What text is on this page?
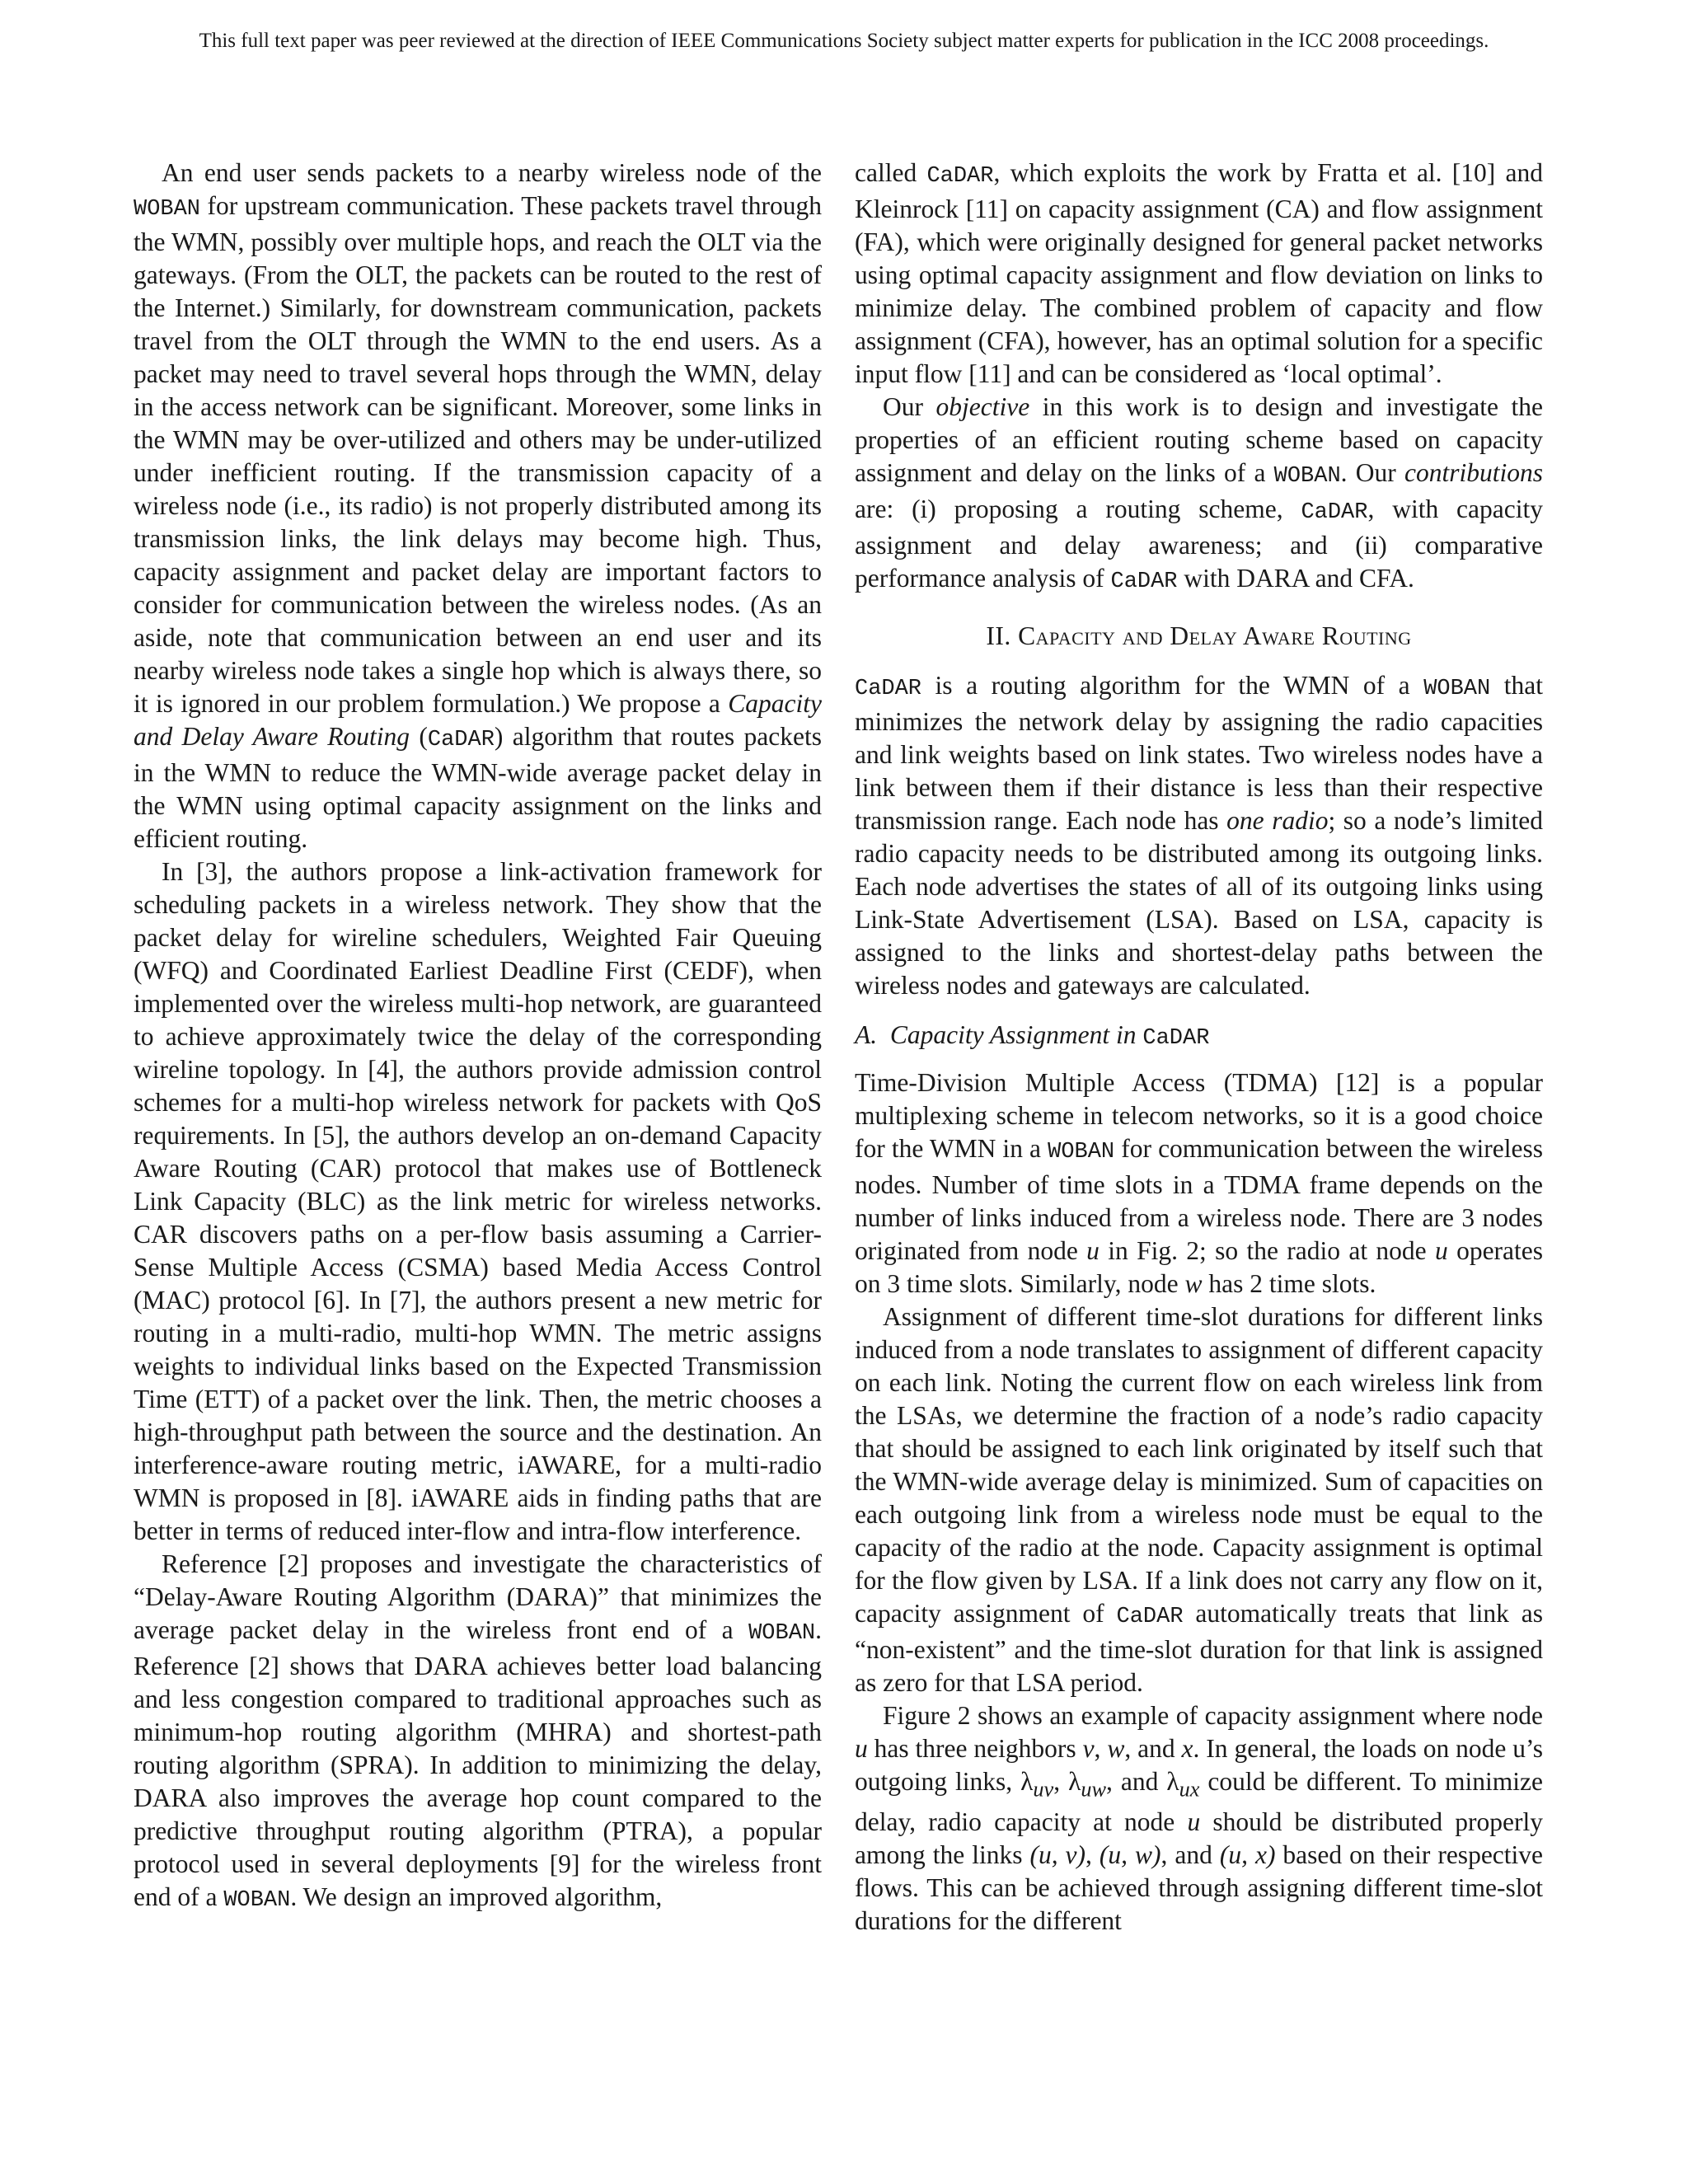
This full text paper was peer reviewed at the direction of IEEE Communications Society subject matter experts for publication in the ICC 2008 proceedings.

An end user sends packets to a nearby wireless node of the WOBAN for upstream communication. These packets travel through the WMN, possibly over multiple hops, and reach the OLT via the gateways. (From the OLT, the packets can be routed to the rest of the Internet.) Similarly, for downstream communication, packets travel from the OLT through the WMN to the end users. As a packet may need to travel several hops through the WMN, delay in the access network can be significant. Moreover, some links in the WMN may be over-utilized and others may be under-utilized under inefficient routing. If the transmission capacity of a wireless node (i.e., its radio) is not properly distributed among its transmission links, the link delays may become high. Thus, capacity assignment and packet delay are important factors to consider for communication between the wireless nodes. (As an aside, note that communication between an end user and its nearby wireless node takes a single hop which is always there, so it is ignored in our problem formulation.) We propose a Capacity and Delay Aware Routing (CaDAR) algorithm that routes packets in the WMN to reduce the WMN-wide average packet delay in the WMN using optimal capacity assignment on the links and efficient routing.

In [3], the authors propose a link-activation framework for scheduling packets in a wireless network. They show that the packet delay for wireline schedulers, Weighted Fair Queuing (WFQ) and Coordinated Earliest Deadline First (CEDF), when implemented over the wireless multi-hop network, are guaranteed to achieve approximately twice the delay of the corresponding wireline topology. In [4], the authors provide admission control schemes for a multi-hop wireless network for packets with QoS requirements. In [5], the authors develop an on-demand Capacity Aware Routing (CAR) protocol that makes use of Bottleneck Link Capacity (BLC) as the link metric for wireless networks. CAR discovers paths on a per-flow basis assuming a Carrier-Sense Multiple Access (CSMA) based Media Access Control (MAC) protocol [6]. In [7], the authors present a new metric for routing in a multi-radio, multi-hop WMN. The metric assigns weights to individual links based on the Expected Transmission Time (ETT) of a packet over the link. Then, the metric chooses a high-throughput path between the source and the destination. An interference-aware routing metric, iAWARE, for a multi-radio WMN is proposed in [8]. iAWARE aids in finding paths that are better in terms of reduced inter-flow and intra-flow interference.

Reference [2] proposes and investigate the characteristics of “Delay-Aware Routing Algorithm (DARA)” that minimizes the average packet delay in the wireless front end of a WOBAN. Reference [2] shows that DARA achieves better load balancing and less congestion compared to traditional approaches such as minimum-hop routing algorithm (MHRA) and shortest-path routing algorithm (SPRA). In addition to minimizing the delay, DARA also improves the average hop count compared to the predictive throughput routing algorithm (PTRA), a popular protocol used in several deployments [9] for the wireless front end of a WOBAN. We design an improved algorithm,

called CaDAR, which exploits the work by Fratta et al. [10] and Kleinrock [11] on capacity assignment (CA) and flow assignment (FA), which were originally designed for general packet networks using optimal capacity assignment and flow deviation on links to minimize delay. The combined problem of capacity and flow assignment (CFA), however, has an optimal solution for a specific input flow [11] and can be considered as ‘local optimal’.

Our objective in this work is to design and investigate the properties of an efficient routing scheme based on capacity assignment and delay on the links of a WOBAN. Our contributions are: (i) proposing a routing scheme, CaDAR, with capacity assignment and delay awareness; and (ii) comparative performance analysis of CaDAR with DARA and CFA.

II. Capacity and Delay Aware Routing

CaDAR is a routing algorithm for the WMN of a WOBAN that minimizes the network delay by assigning the radio capacities and link weights based on link states. Two wireless nodes have a link between them if their distance is less than their respective transmission range. Each node has one radio; so a node’s limited radio capacity needs to be distributed among its outgoing links. Each node advertises the states of all of its outgoing links using Link-State Advertisement (LSA). Based on LSA, capacity is assigned to the links and shortest-delay paths between the wireless nodes and gateways are calculated.

A. Capacity Assignment in CaDAR

Time-Division Multiple Access (TDMA) [12] is a popular multiplexing scheme in telecom networks, so it is a good choice for the WMN in a WOBAN for communication between the wireless nodes. Number of time slots in a TDMA frame depends on the number of links induced from a wireless node. There are 3 nodes originated from node u in Fig. 2; so the radio at node u operates on 3 time slots. Similarly, node w has 2 time slots.

Assignment of different time-slot durations for different links induced from a node translates to assignment of different capacity on each link. Noting the current flow on each wireless link from the LSAs, we determine the fraction of a node’s radio capacity that should be assigned to each link originated by itself such that the WMN-wide average delay is minimized. Sum of capacities on each outgoing link from a wireless node must be equal to the capacity of the radio at the node. Capacity assignment is optimal for the flow given by LSA. If a link does not carry any flow on it, capacity assignment of CaDAR automatically treats that link as “non-existent” and the time-slot duration for that link is assigned as zero for that LSA period.

Figure 2 shows an example of capacity assignment where node u has three neighbors v, w, and x. In general, the loads on node u’s outgoing links, $\lambda_{uv}$, $\lambda_{uw}$, and $\lambda_{ux}$ could be different. To minimize delay, radio capacity at node u should be distributed properly among the links (u, v), (u, w), and (u, x) based on their respective flows. This can be achieved through assigning different time-slot durations for the different
